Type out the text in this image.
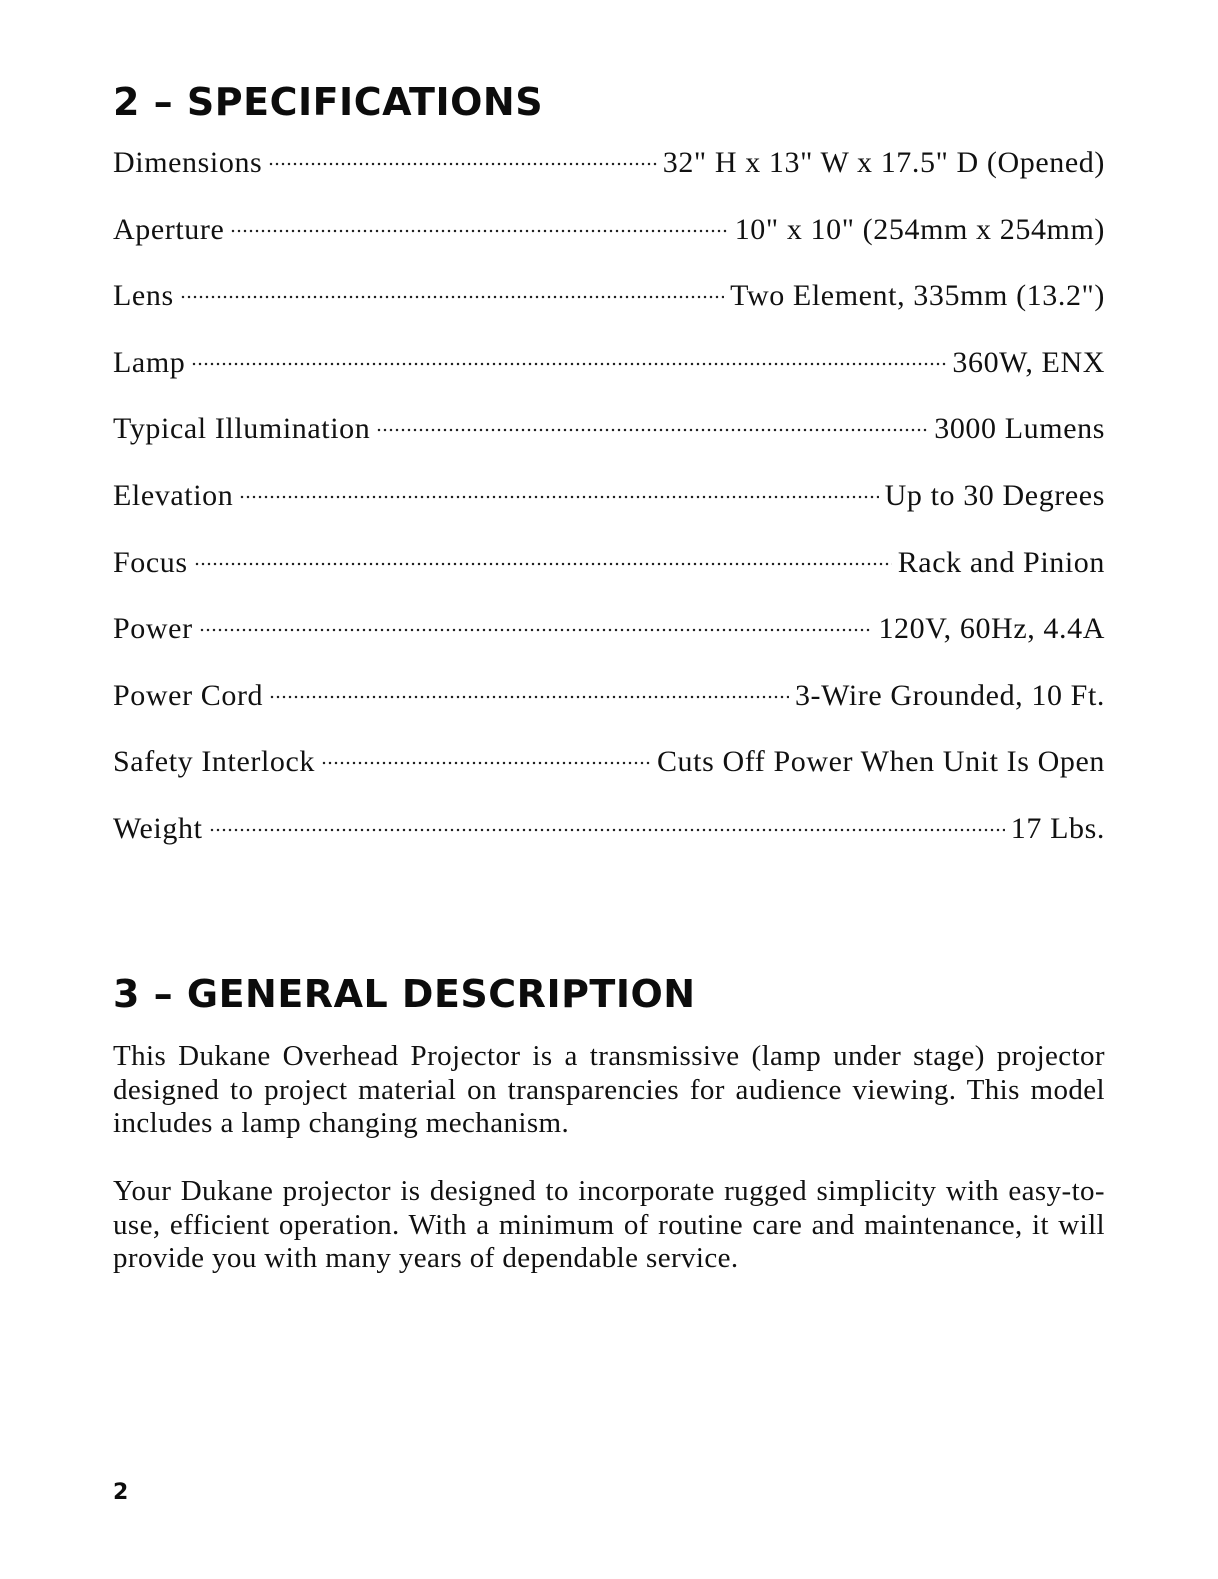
2 – SPECIFICATIONS
Dimensions	32" H x 13" W x 17.5" D (Opened)
Aperture	10" x 10" (254mm x 254mm)
Lens	Two Element, 335mm (13.2")
Lamp	360W, ENX
Typical Illumination	3000 Lumens
Elevation	Up to 30 Degrees
Focus	Rack and Pinion
Power	120V, 60Hz, 4.4A
Power Cord	3-Wire Grounded, 10 Ft.
Safety Interlock	Cuts Off Power When Unit Is Open
Weight	17 Lbs.
3 – GENERAL DESCRIPTION

This Dukane Overhead Projector is a transmissive (lamp under stage) projector designed to project material on transparencies for audience viewing. This model includes a lamp changing mechanism.

Your Dukane projector is designed to incorporate rugged simplicity with easy-to-use, efficient operation. With a minimum of routine care and maintenance, it will provide you with many years of dependable service.

2
